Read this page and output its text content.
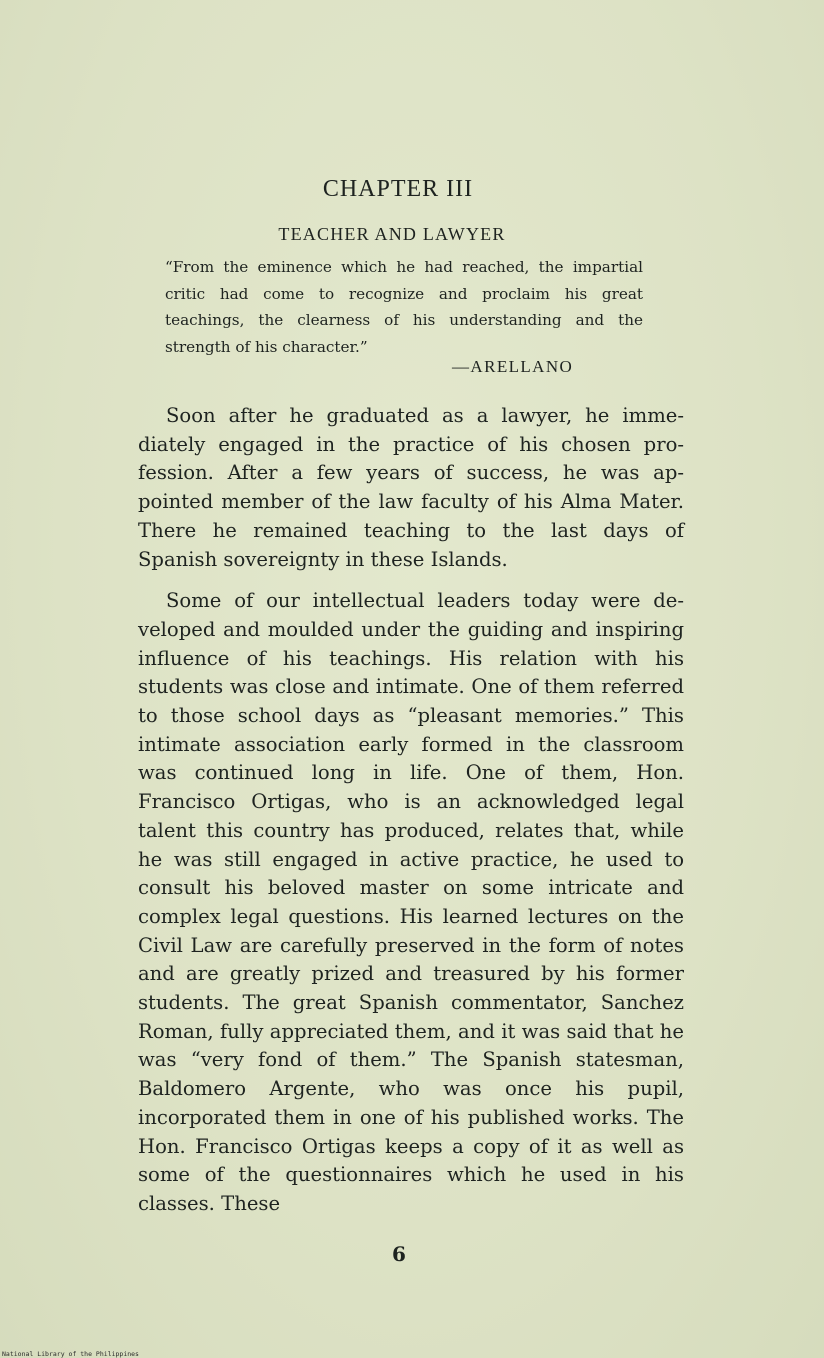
CHAPTER III
TEACHER AND LAWYER

“From the eminence which he had reached, the impartial critic had come to recognize and proclaim his great teachings, the clearness of his understanding and the strength of his character.”

—ARELLANO

Soon after he graduated as a lawyer, he immediately engaged in the practice of his chosen profession. After a few years of success, he was appointed member of the law faculty of his Alma Mater. There he remained teaching to the last days of Spanish sovereignty in these Islands.

Some of our intellectual leaders today were developed and moulded under the guiding and inspiring influence of his teachings. His relation with his students was close and intimate. One of them referred to those school days as “pleasant memories.” This intimate association early formed in the classroom was continued long in life. One of them, Hon. Francisco Ortigas, who is an acknowledged legal talent this country has produced, relates that, while he was still engaged in active practice, he used to consult his beloved master on some intricate and complex legal questions. His learned lectures on the Civil Law are carefully preserved in the form of notes and are greatly prized and treasured by his former students. The great Spanish commentator, Sanchez Roman, fully appreciated them, and it was said that he was “very fond of them.” The Spanish statesman, Baldomero Argente, who was once his pupil, incorporated them in one of his published works. The Hon. Francisco Ortigas keeps a copy of it as well as some of the questionnaires which he used in his classes. These

6

National Library of the Philippines
